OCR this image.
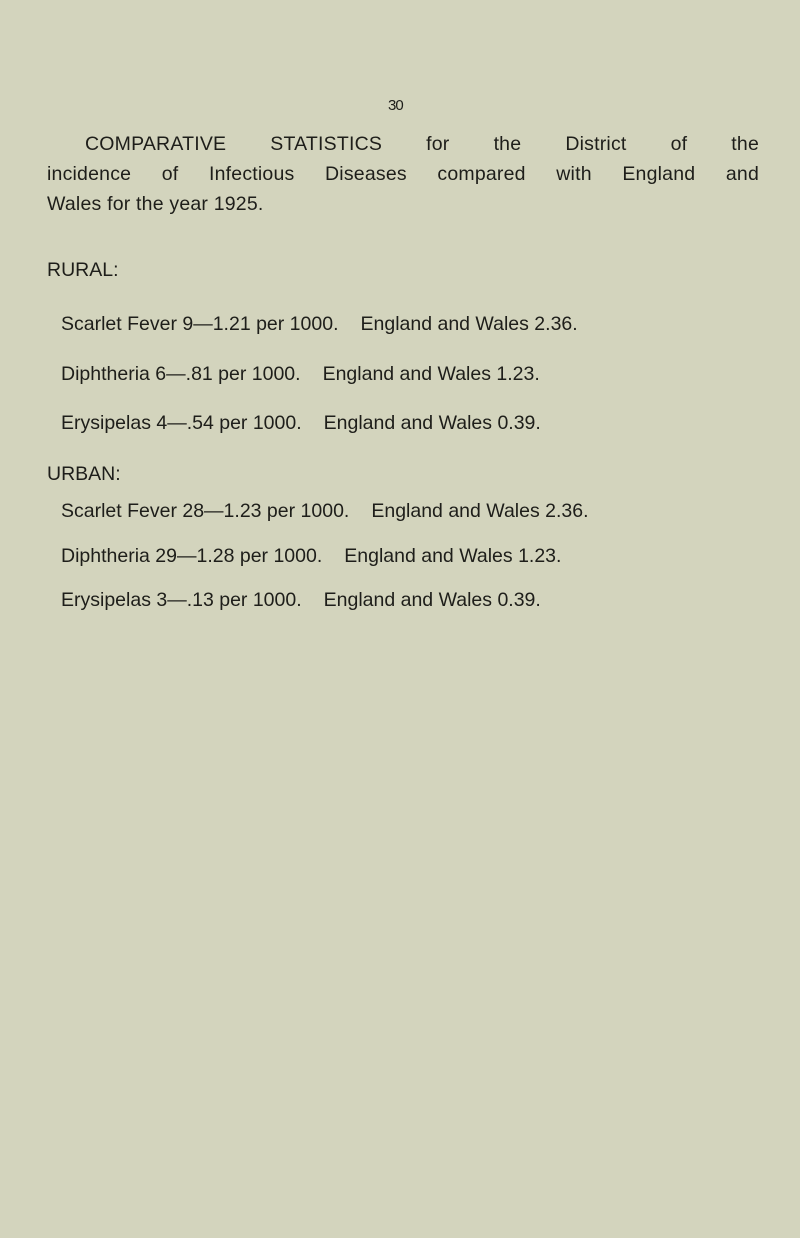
30
COMPARATIVE STATISTICS for the District of the
incidence of Infectious Diseases compared with England and
Wales for the year 1925.
RURAL:
Scarlet Fever 9—1.21 per 1000. England and Wales 2.36.
Diphtheria 6—.81 per 1000. England and Wales 1.23.
Erysipelas 4—.54 per 1000. England and Wales 0.39.
URBAN:
Scarlet Fever 28—1.23 per 1000. England and Wales 2.36.
Diphtheria 29—1.28 per 1000. England and Wales 1.23.
Erysipelas 3—.13 per 1000. England and Wales 0.39.
